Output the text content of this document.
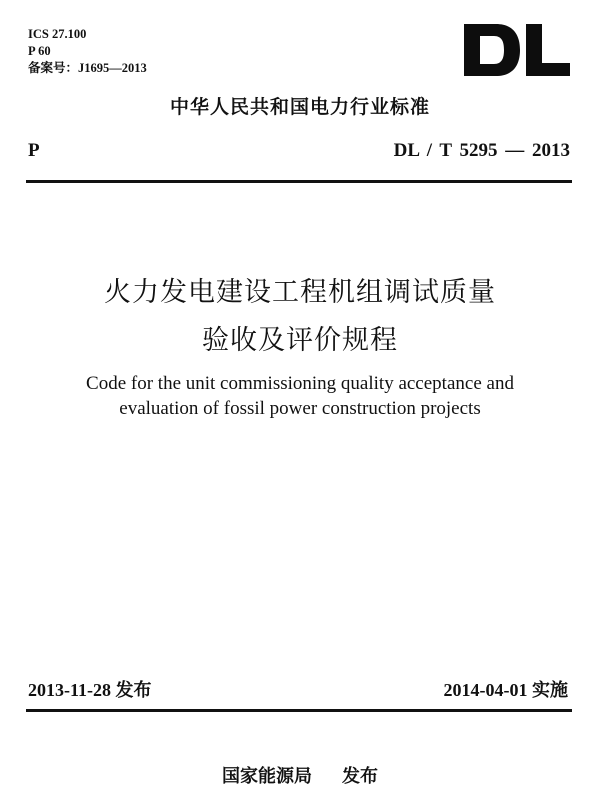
ICS 27.100
P 60
备案号：J1695—2013
中华人民共和国电力行业标准
P	DL / T 5295 — 2013
火力发电建设工程机组调试质量
验收及评价规程
Code for the unit commissioning quality acceptance and
evaluation of fossil power construction projects
2013-11-28 发布	2014-04-01 实施
国家能源局 发布
